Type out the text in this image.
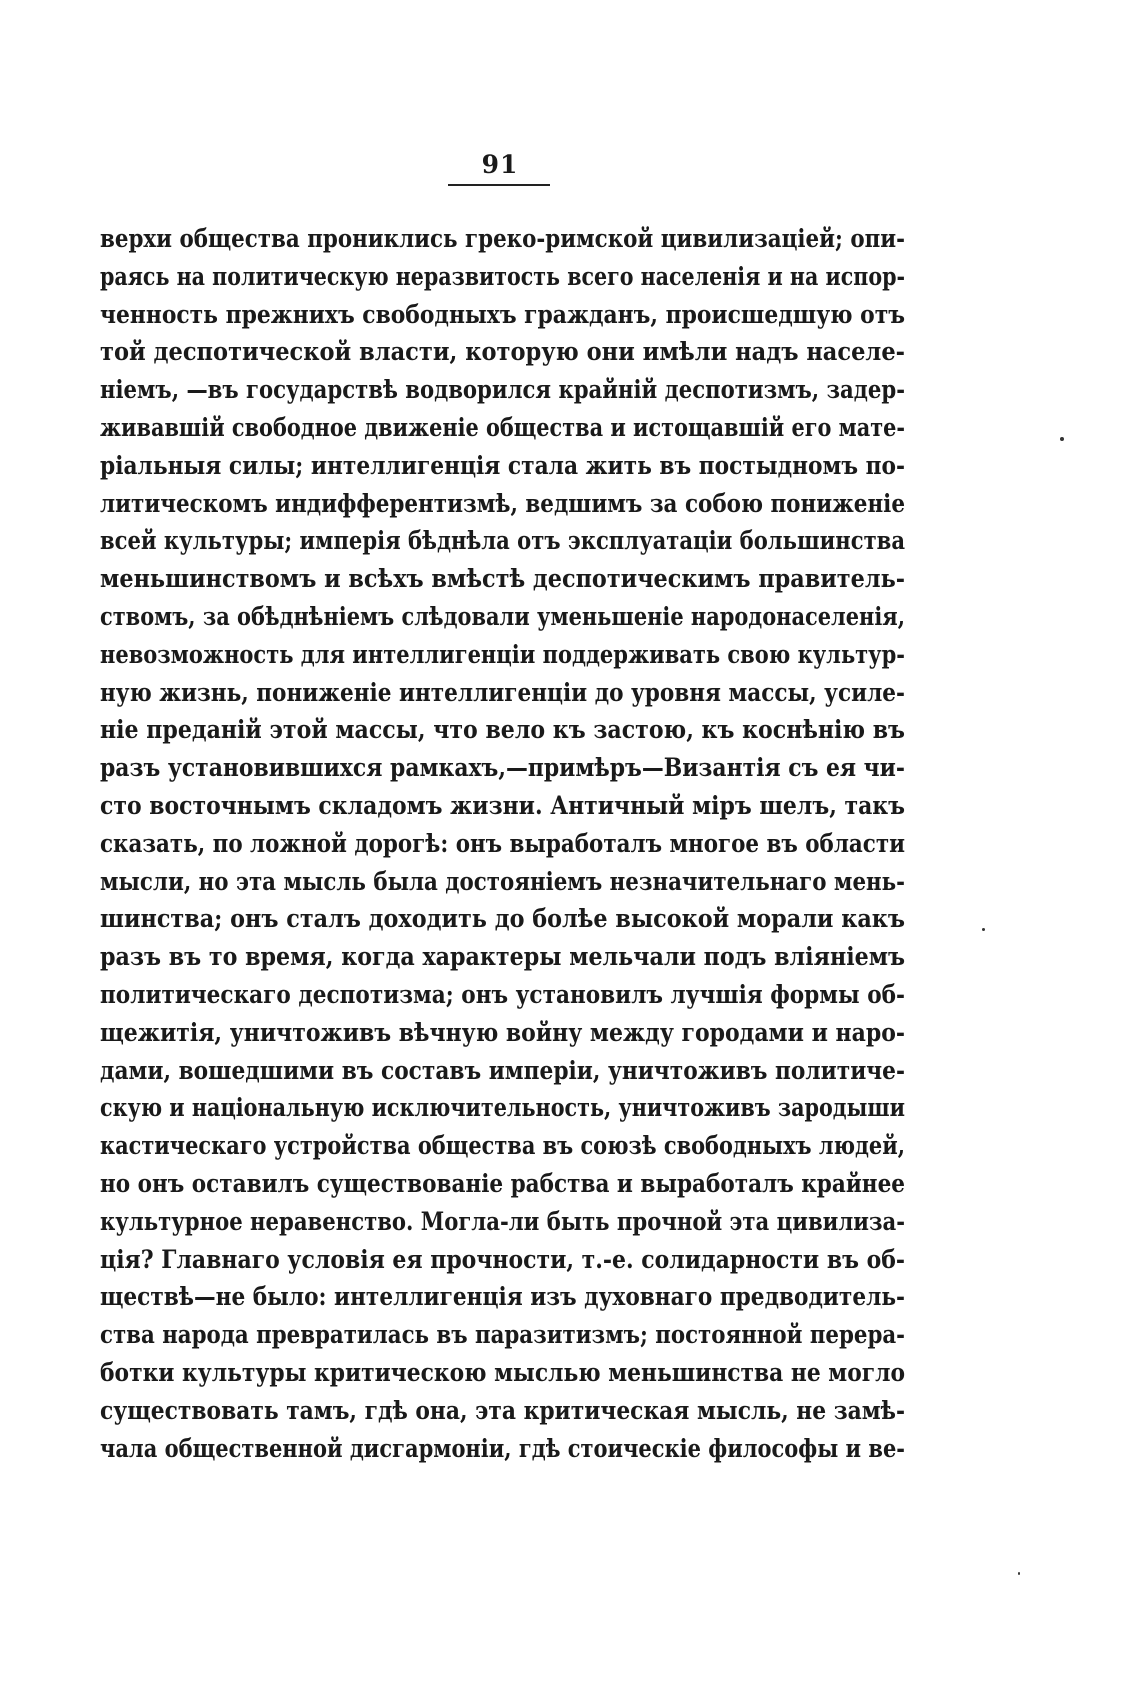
91
верхи общества прониклись греко-римской цивилизацiей; опи-
раясь на политическую неразвитость всего населенiя и на испор-
ченность прежнихъ свободныхъ гражданъ, происшедшую отъ
той деспотической власти, которую они имѣли надъ населе-
нiемъ, —въ государствѣ водворился крайнiй деспотизмъ, задер-
живавшiй свободное движенiе общества и истощавшiй его мате-
рiальныя силы; интеллигенцiя стала жить въ постыдномъ по-
литическомъ индифферентизмѣ, ведшимъ за собою пониженiе
всей культуры; имперiя бѣднѣла отъ эксплуатацiи большинства
меньшинствомъ и всѣхъ вмѣстѣ деспотическимъ правитель-
ствомъ, за обѣднѣнiемъ слѣдовали уменьшенiе народонаселенiя,
невозможность для интеллигенцiи поддерживать свою культур-
ную жизнь, пониженiе интеллигенцiи до уровня массы, усиле-
нiе преданiй этой массы, что вело къ застою, къ коснѣнiю въ
разъ установившихся рамкахъ,—примѣръ—Византiя съ ея чи-
сто восточнымъ складомъ жизни. Античный мiръ шелъ, такъ
сказать, по ложной дорогѣ: онъ выработалъ многое въ области
мысли, но эта мысль была достоянiемъ незначительнаго мень-
шинства; онъ сталъ доходить до болѣе высокой морали какъ
разъ въ то время, когда характеры мельчали подъ влiянiемъ
политическаго деспотизма; онъ установилъ лучшiя формы об-
щежитiя, уничтоживъ вѣчную войну между городами и наро-
дами, вошедшими въ составъ имперiи, уничтоживъ политиче-
скую и нацiональную исключительность, уничтоживъ зародыши
кастическаго устройства общества въ союзѣ свободныхъ людей,
но онъ оставилъ существованiе рабства и выработалъ крайнее
культурное неравенство. Могла-ли быть прочной эта цивилиза-
цiя? Главнаго условiя ея прочности, т.-е. солидарности въ об-
ществѣ—не было: интеллигенцiя изъ духовнаго предводитель-
ства народа превратилась въ паразитизмъ; постоянной перера-
ботки культуры критическою мыслью меньшинства не могло
существовать тамъ, гдѣ она, эта критическая мысль, не замѣ-
чала общественной дисгармонiи, гдѣ стоическiе философы и ве-
